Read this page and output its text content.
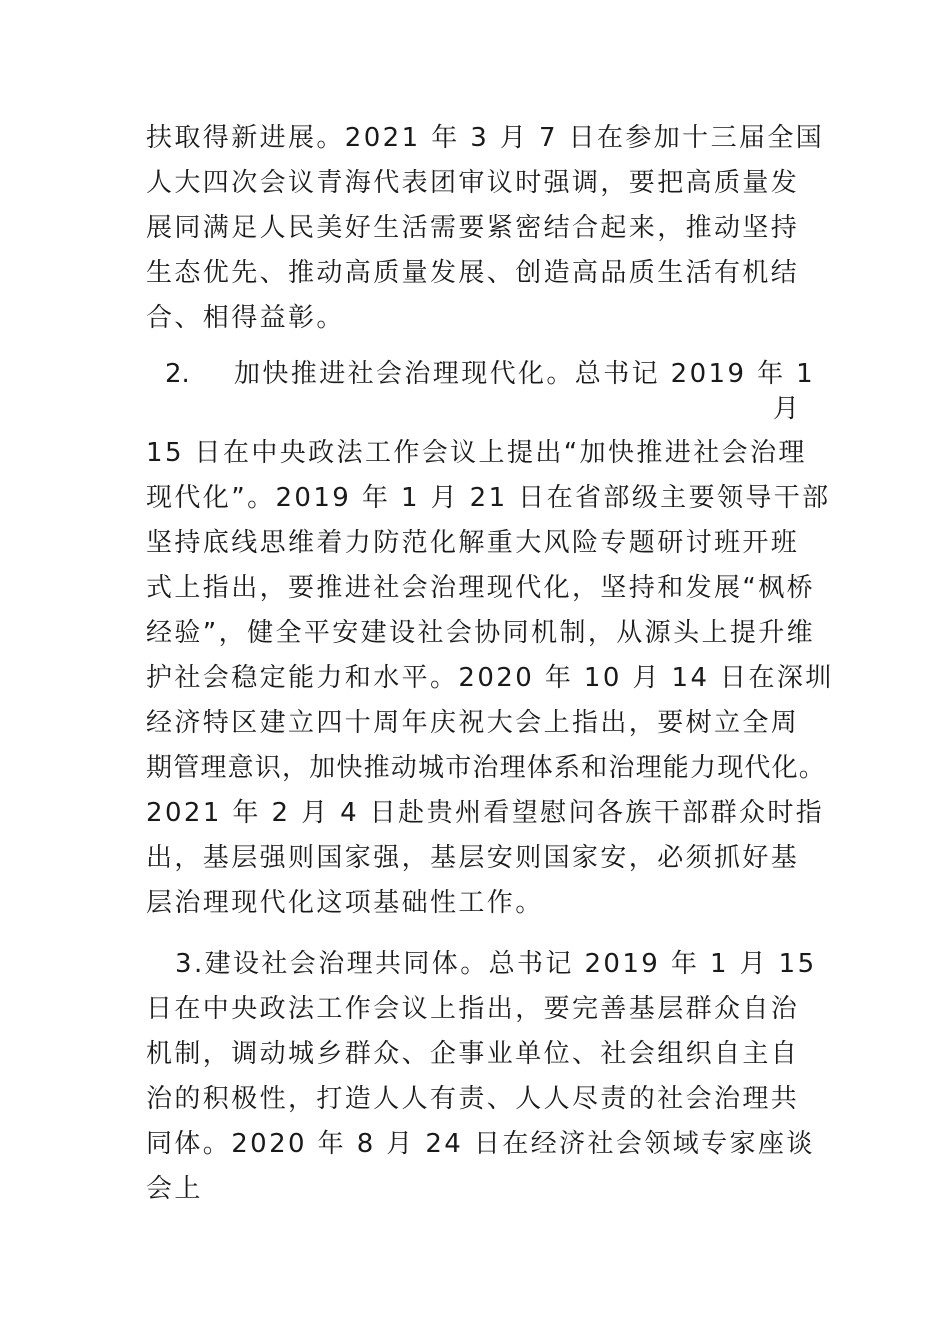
扶取得新进展。2021 年 3 月 7 日在参加十三届全国
人大四次会议青海代表团审议时强调，要把高质量发
展同满足人民美好生活需要紧密结合起来，推动坚持
生态优先、推动高质量发展、创造高品质生活有机结
合、相得益彰。
2. 加快推进社会治理现代化。总书记 2019 年 1
月
15 日在中央政法工作会议上提出“加快推进社会治理
现代化”。2019 年 1 月 21 日在省部级主要领导干部
坚持底线思维着力防范化解重大风险专题研讨班开班
式上指出，要推进社会治理现代化，坚持和发展“枫桥
经验”，健全平安建设社会协同机制，从源头上提升维
护社会稳定能力和水平。2020 年 10 月 14 日在深圳
经济特区建立四十周年庆祝大会上指出，要树立全周
期管理意识，加快推动城市治理体系和治理能力现代化。
2021 年 2 月 4 日赴贵州看望慰问各族干部群众时指
出，基层强则国家强，基层安则国家安，必须抓好基
层治理现代化这项基础性工作。
3.建设社会治理共同体。总书记 2019 年 1 月 15
日在中央政法工作会议上指出，要完善基层群众自治
机制，调动城乡群众、企事业单位、社会组织自主自
治的积极性，打造人人有责、人人尽责的社会治理共
同体。2020 年 8 月 24 日在经济社会领域专家座谈
会上
